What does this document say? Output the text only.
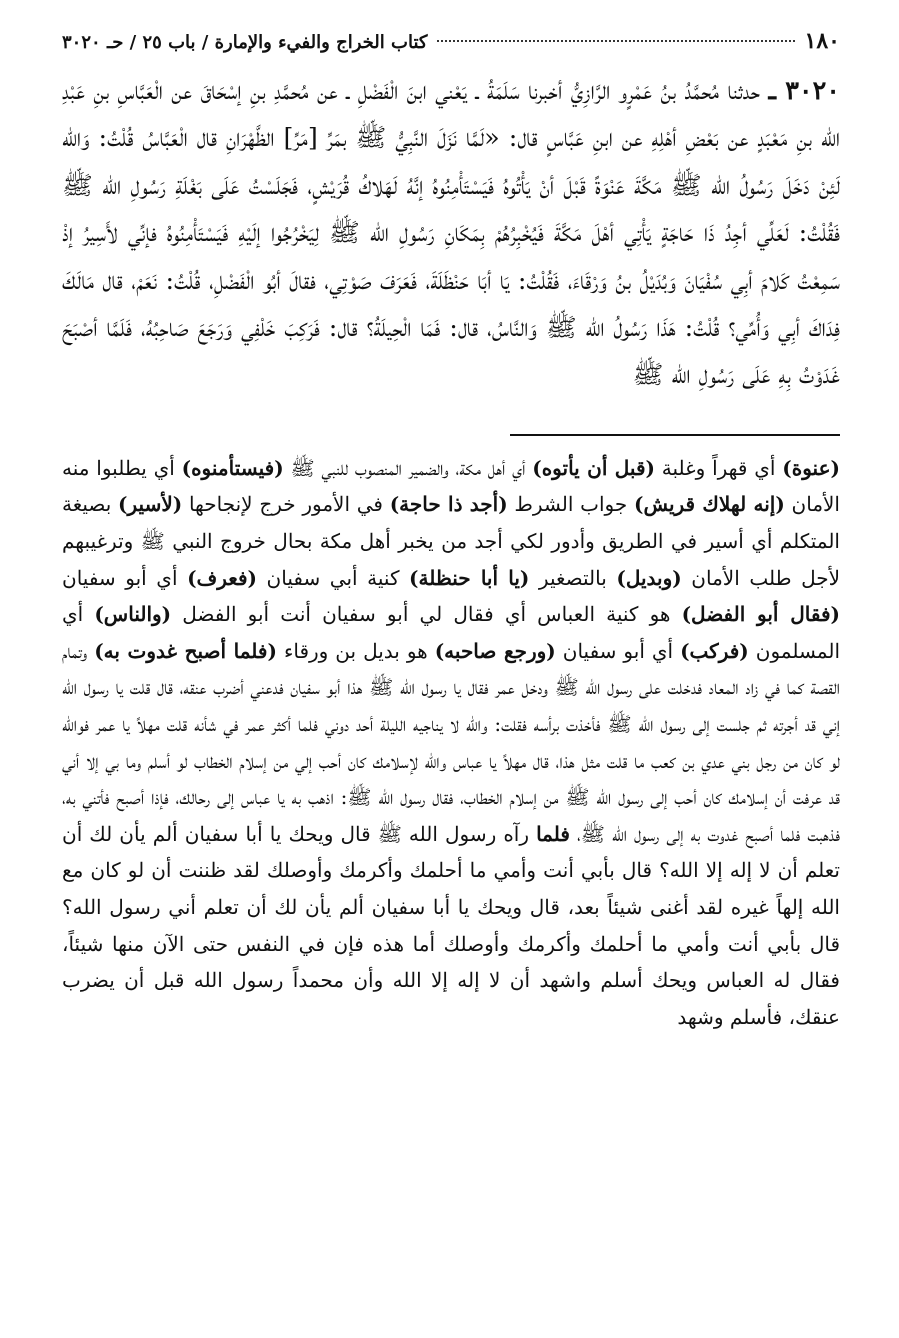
١٨٠
كتاب الخراج والفيء والإمارة / باب ٢٥ / حـ ٣٠٢٠

٣٠٢٠ ـ حدثنا مُحمَّدُ بنُ عَمْرٍو الرَّازِيُّ أخبرنا سَلَمَةُ ـ يَعْني ابنَ الْفَضْلِ ـ عن مُحمَّدِ بنِ إسْحَاقَ عن الْعَبَّاسِ بنِ عَبْدِ الله بنِ مَعْبَدٍ عن بَعْضِ أهْلِهِ عن ابنِ عَبَّاسٍ قال: «لَمَّا نَزَلَ النَّبِيُّ ﷺ بمَرِّ [مَرِّ] الظَّهْرَانِ قال الْعَبَّاسُ قُلْتُ: وَالله لَئِنْ دَخَلَ رَسُولُ الله ﷺ مَكَّةَ عَنْوَةً قَبْلَ أنْ يَأْتُوهُ فَيَسْتَأْمِنُوهُ إنَّهُ لَهَلاكُ قُرَيْشٍ، فَجَلَسْتُ عَلَى بَغْلَةِ رَسُولِ الله ﷺ فَقُلْتُ: لَعَلِّي أجِدُ ذَا حَاجَةٍ يَأْتِي أهْلَ مَكَّةَ فَيُخْبِرُهُمْ بِمَكَانِ رَسُولِ الله ﷺ لِيَخْرُجُوا إلَيْهِ فَيَسْتَأْمِنُوهُ فإنِّي لأَسِيرُ إذْ سَمِعْتُ كَلامَ أبِي سُفْيَانَ وَبُدَيْلُ بنُ وَرْقَاءَ، فَقُلْتُ: يَا أبَا حَنْظَلَةَ، فَعَرَفَ صَوْتِي، فقالَ أبُو الْفَضْلِ، قُلْتُ: نَعَمْ، قال مَالَكَ فِدَاكَ أبِي وَأُمِّي؟ قُلْتُ: هَذَا رَسُولُ الله ﷺ وَالنَّاسُ، قال: فَمَا الْحِيلَةُ؟ قال: فَرَكِبَ خَلْفِي وَرَجَعَ صَاحِبُهُ، فَلَمَّا أصْبَحَ غَدَوْتُ بِهِ عَلَى رَسُولِ الله ﷺ

(عنوة) أي قهراً وغلبة (قبل أن يأتوه) أي أهل مكة، والضمير المنصوب للنبي ﷺ (فيستأمنوه) أي يطلبوا منه الأمان (إنه لهلاك قريش) جواب الشرط (أجد ذا حاجة) في الأمور خرج لإنجاحها (لأسير) بصيغة المتكلم أي أسير في الطريق وأدور لكي أجد من يخبر أهل مكة بحال خروج النبي ﷺ وترغيبهم لأجل طلب الأمان (وبديل) بالتصغير (يا أبا حنظلة) كنية أبي سفيان (فعرف) أي أبو سفيان (فقال أبو الفضل) هو كنية العباس أي فقال لي أبو سفيان أنت أبو الفضل (والناس) أي المسلمون (فركب) أي أبو سفيان (ورجع صاحبه) هو بديل بن ورقاء (فلما أصبح غدوت به) وتمام القصة كما في زاد المعاد فدخلت على رسول الله ﷺ ودخل عمر فقال يا رسول الله ﷺ هذا أبو سفيان فدعني أضرب عنقه، قال قلت يا رسول الله إني قد أجرته ثم جلست إلى رسول الله ﷺ فأخذت برأسه فقلت: والله لا يناجيه الليلة أحد دوني فلما أكثر عمر في شأنه قلت مهلاً يا عمر فوالله لو كان من رجل بني عدي بن كعب ما قلت مثل هذا، قال مهلاً يا عباس والله لإسلامك كان أحب إلي من إسلام الخطاب لو أسلم وما بي إلا أني قد عرفت أن إسلامك كان أحب إلى رسول الله ﷺ من إسلام الخطاب، فقال رسول الله ﷺ: اذهب به يا عباس إلى رحالك، فإذا أصبح فأتني به، فذهبت فلما أصبح غدوت به إلى رسول الله ﷺ، فلما رآه رسول الله ﷺ قال ويحك يا أبا سفيان ألم يأن لك أن تعلم أن لا إله إلا الله؟ قال بأبي أنت وأمي ما أحلمك وأكرمك وأوصلك لقد ظننت أن لو كان مع الله إلهاً غيره لقد أغنى شيئاً بعد، قال ويحك يا أبا سفيان ألم يأن لك أن تعلم أني رسول الله؟ قال بأبي أنت وأمي ما أحلمك وأكرمك وأوصلك أما هذه فإن في النفس حتى الآن منها شيئاً، فقال له العباس ويحك أسلم واشهد أن لا إله إلا الله وأن محمداً رسول الله قبل أن يضرب عنقك، فأسلم وشهد
